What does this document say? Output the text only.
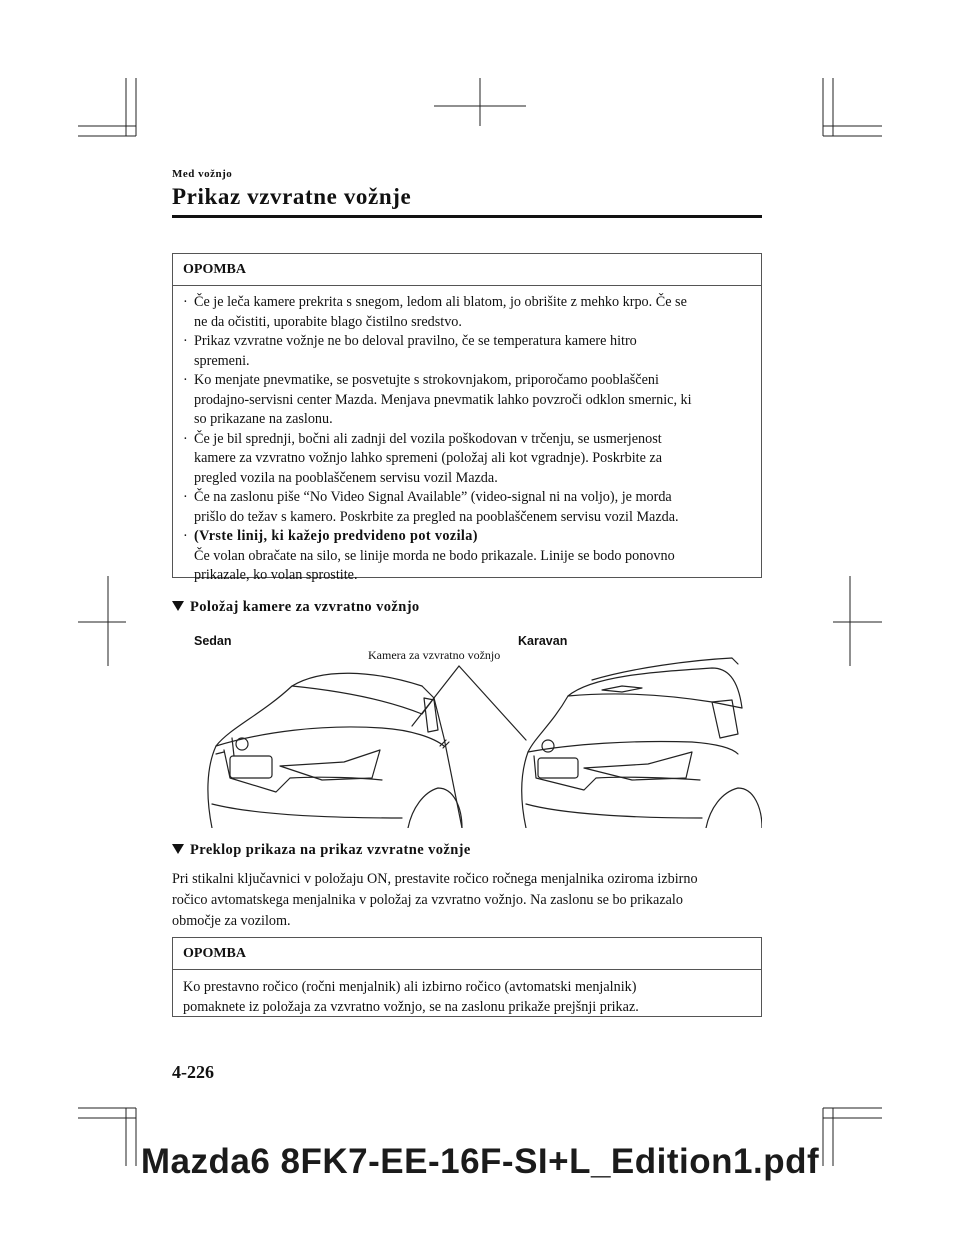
Med vožnjo
Prikaz vzvratne vožnje
OPOMBA
· Če je leča kamere prekrita s snegom, ledom ali blatom, jo obrišite z mehko krpo. Če se
ne da očistiti, uporabite blago čistilno sredstvo.
· Prikaz vzvratne vožnje ne bo deloval pravilno, če se temperatura kamere hitro
spremeni.
· Ko menjate pnevmatike, se posvetujte s strokovnjakom, priporočamo pooblaščeni
prodajno-servisni center Mazda. Menjava pnevmatik lahko povzroči odklon smernic, ki
so prikazane na zaslonu.
· Če je bil sprednji, bočni ali zadnji del vozila poškodovan v trčenju, se usmerjenost
kamere za vzvratno vožnjo lahko spremeni (položaj ali kot vgradnje). Poskrbite za
pregled vozila na pooblaščenem servisu vozil Mazda.
· Če na zaslonu piše “No Video Signal Available” (video-signal ni na voljo), je morda
prišlo do težav s kamero. Poskrbite za pregled na pooblaščenem servisu vozil Mazda.
· (Vrste linij, ki kažejo predvideno pot vozila)
Če volan obračate na silo, se linije morda ne bodo prikazale. Linije se bodo ponovno
prikazale, ko volan sprostite.
Položaj kamere za vzvratno vožnjo
Sedan	Karavan
Kamera za vzvratno vožnjo
Preklop prikaza na prikaz vzvratne vožnje
Pri stikalni ključavnici v položaju ON, prestavite ročico ročnega menjalnika oziroma izbirno
ročico avtomatskega menjalnika v položaj za vzvratno vožnjo. Na zaslonu se bo prikazalo
območje za vozilom.
OPOMBA
Ko prestavno ročico (ročni menjalnik) ali izbirno ročico (avtomatski menjalnik)
pomaknete iz položaja za vzvratno vožnjo, se na zaslonu prikaže prejšnji prikaz.
4-226
Mazda6 8FK7-EE-16F-SI+L_Edition1.pdf
